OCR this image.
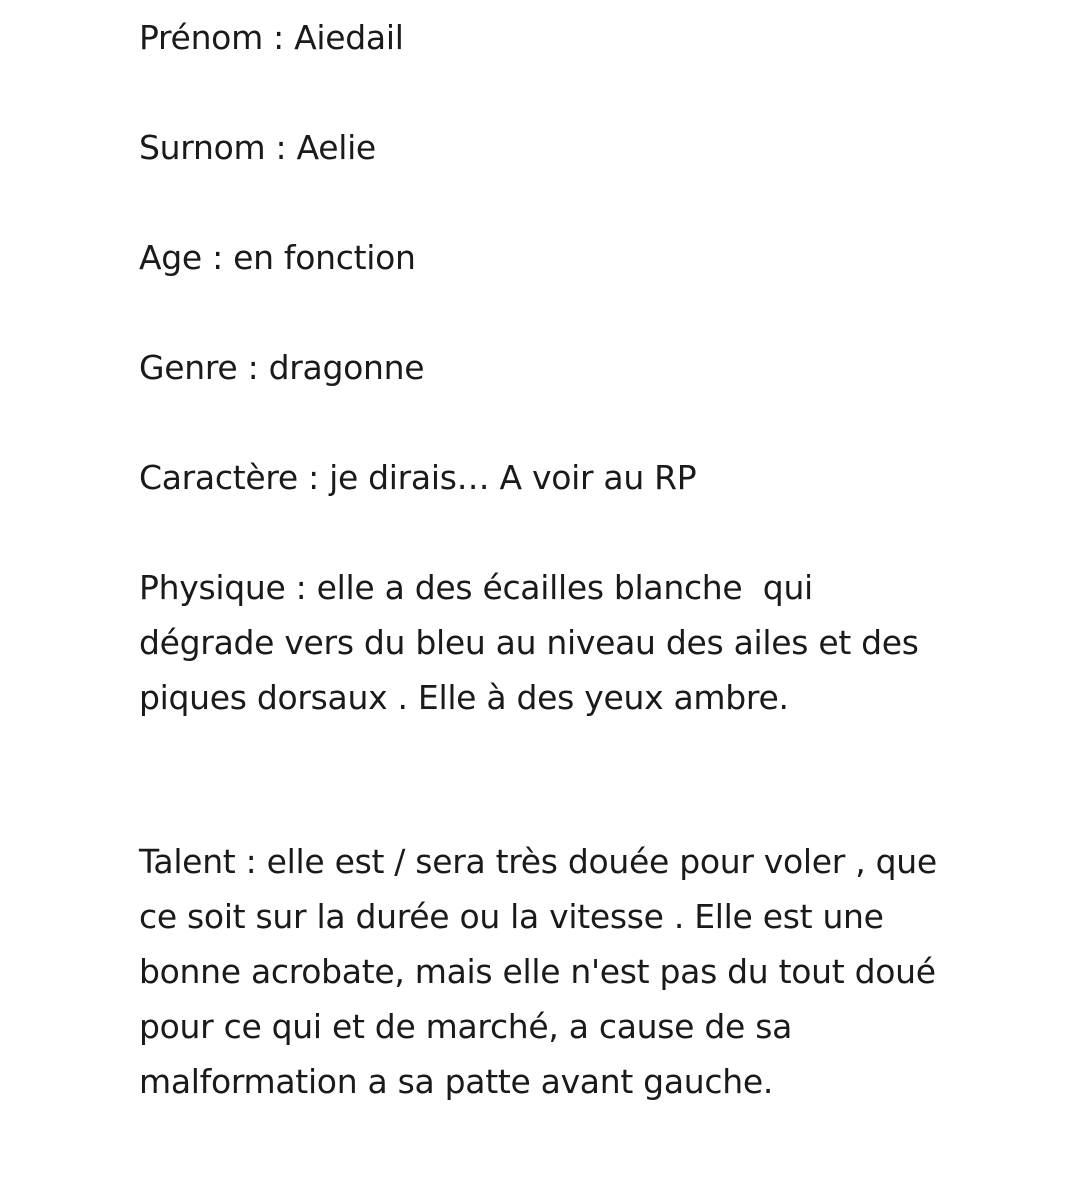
Prénom : Aiedail

Surnom : Aelie

Age : en fonction

Genre : dragonne

Caractère : je dirais… A voir au RP

Physique : elle a des écailles blanche  qui
dégrade vers du bleu au niveau des ailes et des
piques dorsaux . Elle à des yeux ambre.
Talent : elle est / sera très douée pour voler , que
ce soit sur la durée ou la vitesse . Elle est une
bonne acrobate, mais elle n'est pas du tout doué
pour ce qui et de marché, a cause de sa
malformation a sa patte avant gauche.
